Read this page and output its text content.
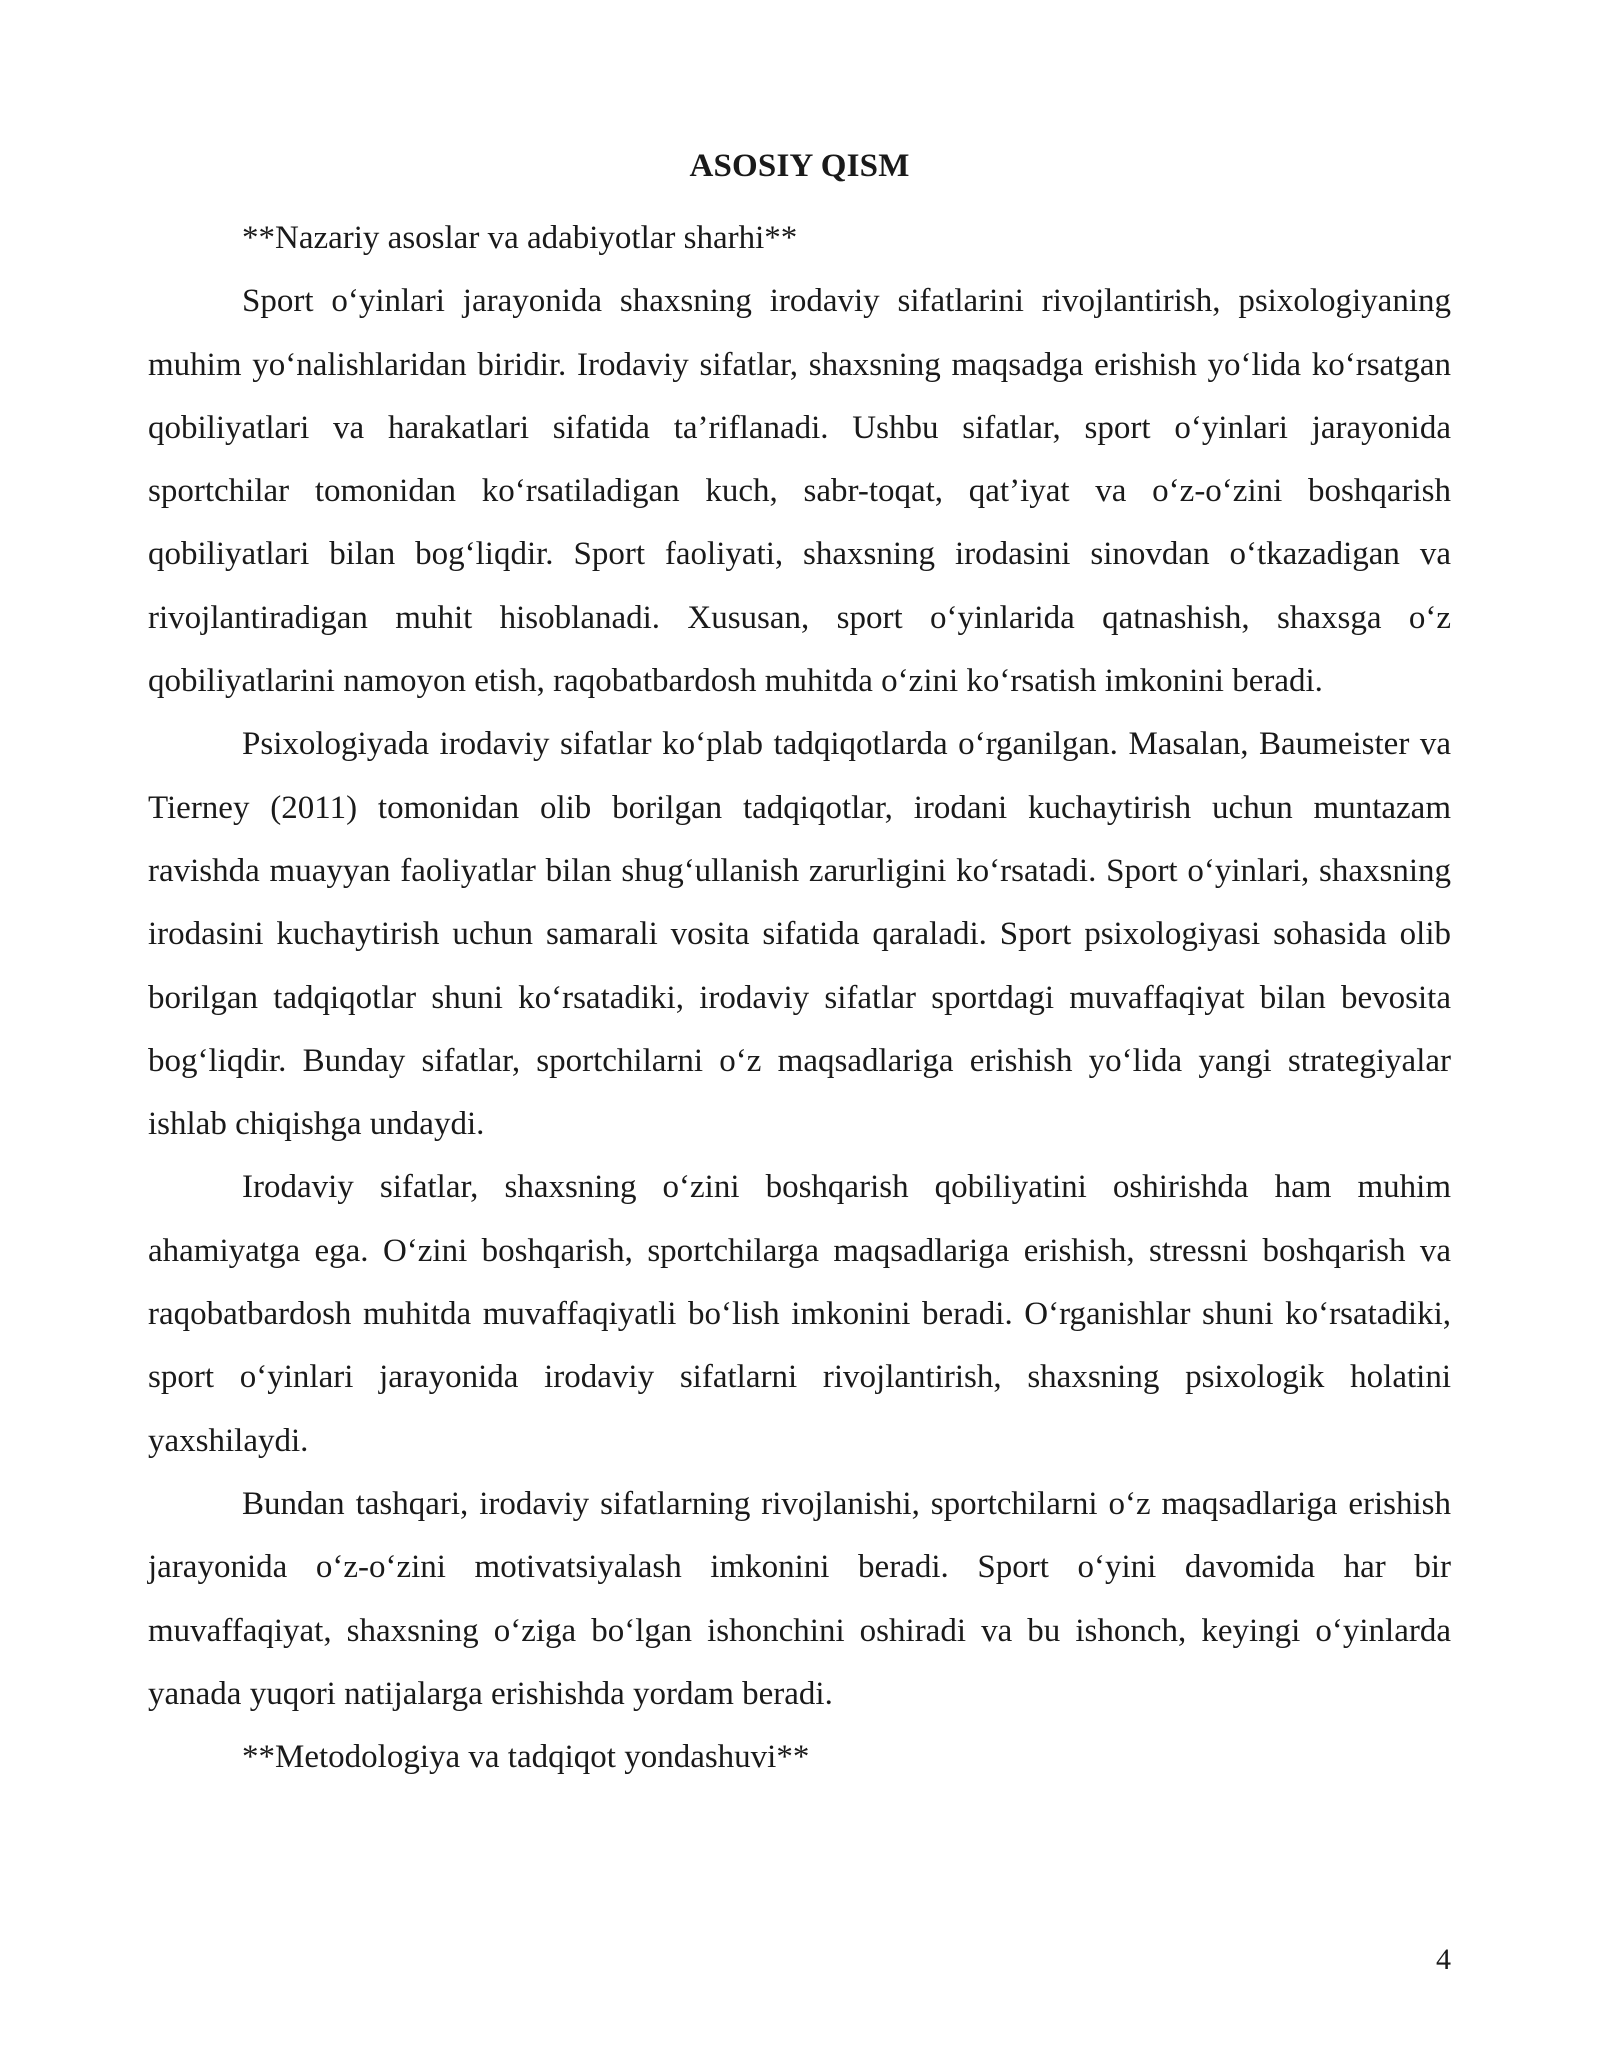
ASOSIY QISM

**Nazariy asoslar va adabiyotlar sharhi**

Sport o‘yinlari jarayonida shaxsning irodaviy sifatlarini rivojlantirish, psixologiyaning muhim yo‘nalishlaridan biridir. Irodaviy sifatlar, shaxsning maqsadga erishish yo‘lida ko‘rsatgan qobiliyatlari va harakatlari sifatida ta’riflanadi. Ushbu sifatlar, sport o‘yinlari jarayonida sportchilar tomonidan ko‘rsatiladigan kuch, sabr-toqat, qat’iyat va o‘z-o‘zini boshqarish qobiliyatlari bilan bog‘liqdir. Sport faoliyati, shaxsning irodasini sinovdan o‘tkazadigan va rivojlantiradigan muhit hisoblanadi. Xususan, sport o‘yinlarida qatnashish, shaxsga o‘z qobiliyatlarini namoyon etish, raqobatbardosh muhitda o‘zini ko‘rsatish imkonini beradi.

Psixologiyada irodaviy sifatlar ko‘plab tadqiqotlarda o‘rganilgan. Masalan, Baumeister va Tierney (2011) tomonidan olib borilgan tadqiqotlar, irodani kuchaytirish uchun muntazam ravishda muayyan faoliyatlar bilan shug‘ullanish zarurligini ko‘rsatadi. Sport o‘yinlari, shaxsning irodasini kuchaytirish uchun samarali vosita sifatida qaraladi. Sport psixologiyasi sohasida olib borilgan tadqiqotlar shuni ko‘rsatadiki, irodaviy sifatlar sportdagi muvaffaqiyat bilan bevosita bog‘liqdir. Bunday sifatlar, sportchilarni o‘z maqsadlariga erishish yo‘lida yangi strategiyalar ishlab chiqishga undaydi.

Irodaviy sifatlar, shaxsning o‘zini boshqarish qobiliyatini oshirishda ham muhim ahamiyatga ega. O‘zini boshqarish, sportchilarga maqsadlariga erishish, stressni boshqarish va raqobatbardosh muhitda muvaffaqiyatli bo‘lish imkonini beradi. O‘rganishlar shuni ko‘rsatadiki, sport o‘yinlari jarayonida irodaviy sifatlarni rivojlantirish, shaxsning psixologik holatini yaxshilaydi.

Bundan tashqari, irodaviy sifatlarning rivojlanishi, sportchilarni o‘z maqsadlariga erishish jarayonida o‘z-o‘zini motivatsiyalash imkonini beradi. Sport o‘yini davomida har bir muvaffaqiyat, shaxsning o‘ziga bo‘lgan ishonchini oshiradi va bu ishonch, keyingi o‘yinlarda yanada yuqori natijalarga erishishda yordam beradi.

**Metodologiya va tadqiqot yondashuvi**

4
